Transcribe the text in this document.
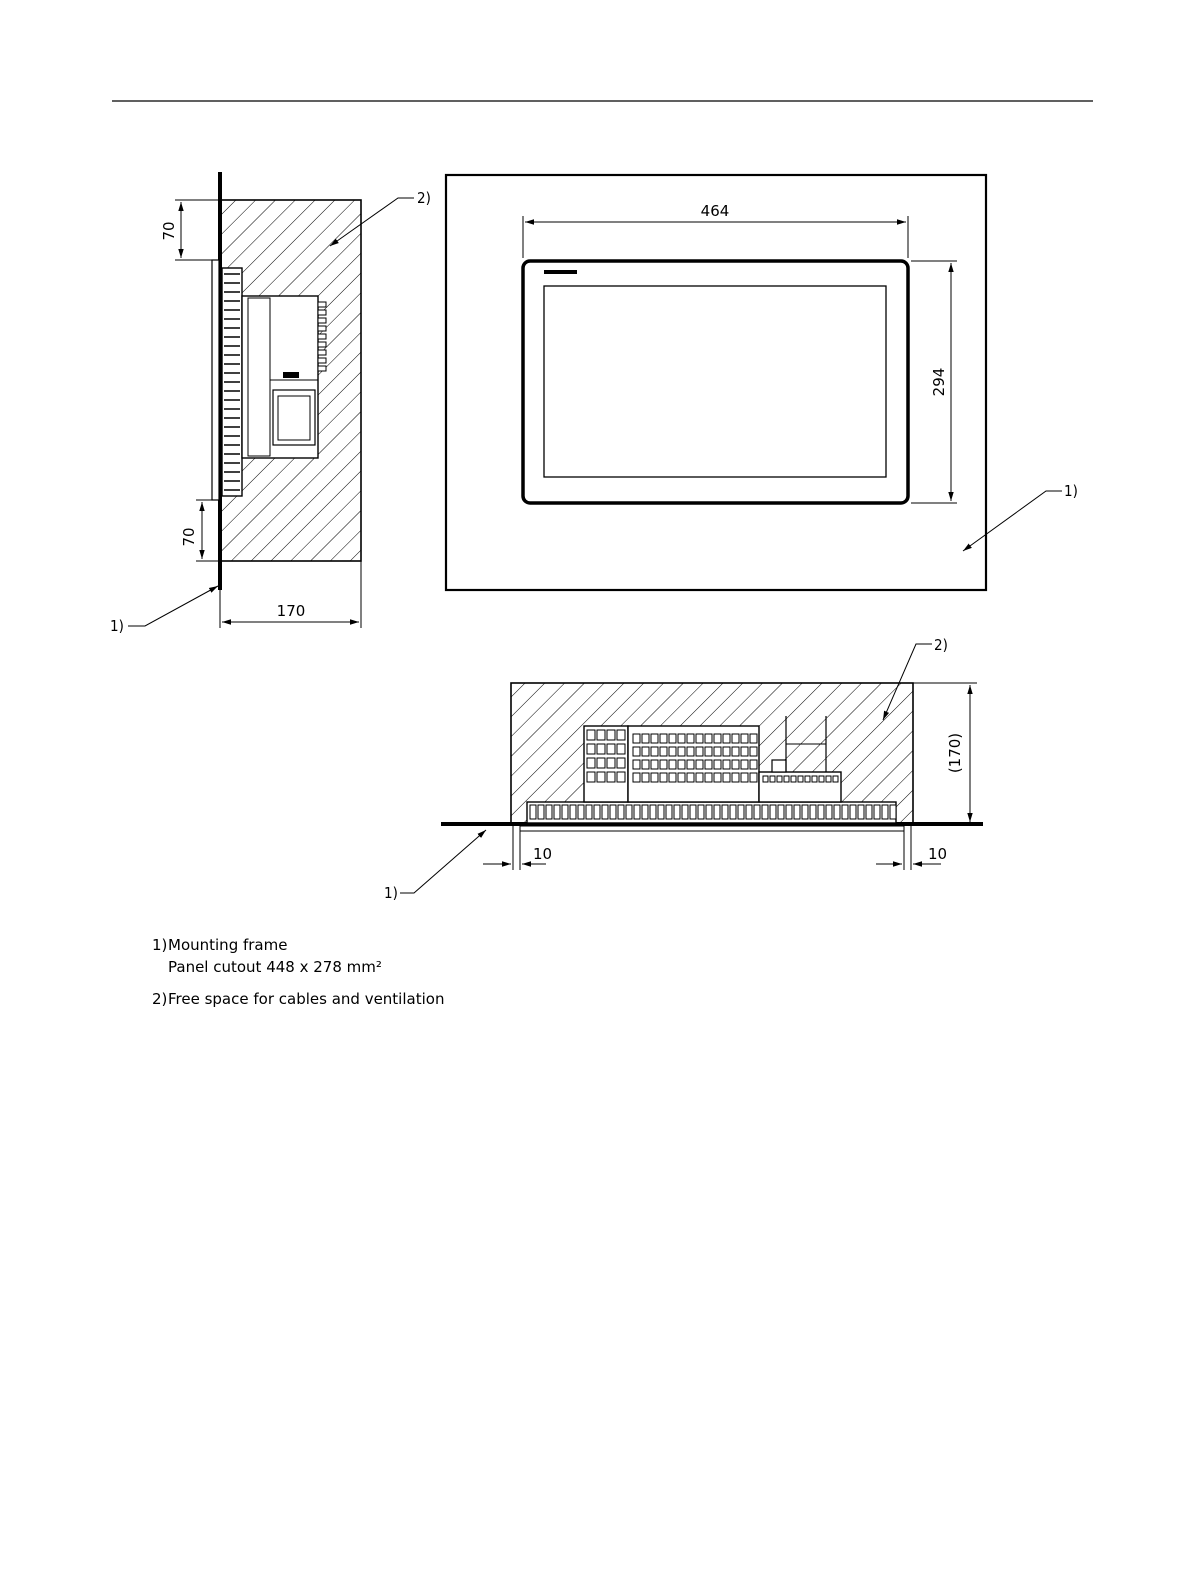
70
70
170
1)
2)
464
294
1)
(170)
10	10
1)
2)
1) Mounting frame
Panel cutout 448 x 278 mm²
2) Free space for cables and ventilation
